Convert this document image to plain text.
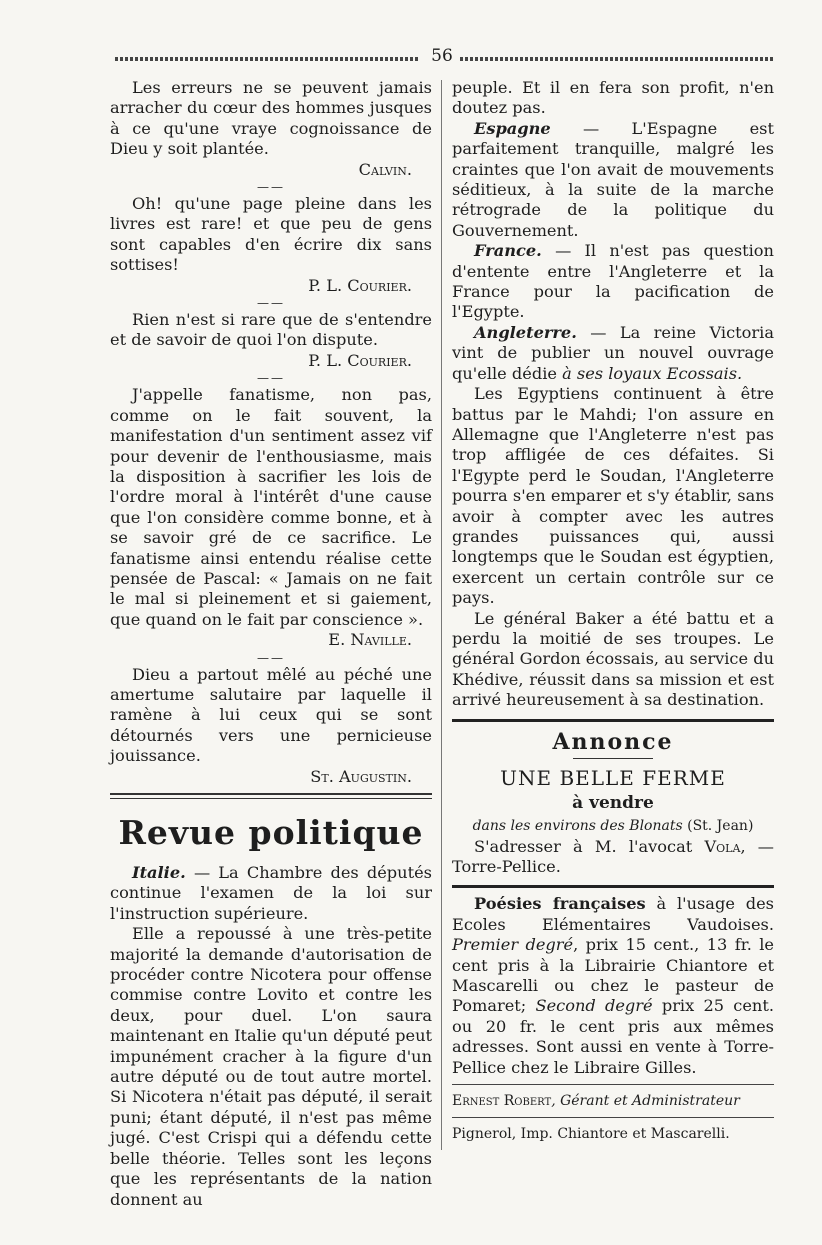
56

Les erreurs ne se peuvent jamais arracher du cœur des hommes jusques à ce qu'une vraye cognoissance de Dieu y soit plantée.

Calvin.

——

Oh! qu'une page pleine dans les livres est rare! et que peu de gens sont capables d'en écrire dix sans sottises!

P. L. Courier.

——

Rien n'est si rare que de s'entendre et de savoir de quoi l'on dispute.

P. L. Courier.

——

J'appelle fanatisme, non pas, comme on le fait souvent, la manifestation d'un sentiment assez vif pour devenir de l'enthousiasme, mais la disposition à sacrifier les lois de l'ordre moral à l'intérêt d'une cause que l'on considère comme bonne, et à se savoir gré de ce sacrifice. Le fanatisme ainsi entendu réalise cette pensée de Pascal: « Jamais on ne fait le mal si pleinement et si gaiement, que quand on le fait par conscience ».

E. Naville.

——

Dieu a partout mêlé au péché une amertume salutaire par laquelle il ramène à lui ceux qui se sont détournés vers une pernicieuse jouissance.

St. Augustin.

Revue politique

Italie. — La Chambre des députés continue l'examen de la loi sur l'instruction supérieure.

Elle a repoussé à une très-petite majorité la demande d'autorisation de procéder contre Nicotera pour offense commise contre Lovito et contre les deux, pour duel. L'on saura maintenant en Italie qu'un député peut impunément cracher à la figure d'un autre député ou de tout autre mortel. Si Nicotera n'était pas député, il serait puni; étant député, il n'est pas même jugé. C'est Crispi qui a défendu cette belle théorie. Telles sont les leçons que les représentants de la nation donnent au

peuple. Et il en fera son profit, n'en doutez pas.

Espagne — L'Espagne est parfaitement tranquille, malgré les craintes que l'on avait de mouvements séditieux, à la suite de la marche rétrograde de la politique du Gouvernement.

France. — Il n'est pas question d'entente entre l'Angleterre et la France pour la pacification de l'Egypte.

Angleterre. — La reine Victoria vint de publier un nouvel ouvrage qu'elle dédie à ses loyaux Ecossais.

Les Egyptiens continuent à être battus par le Mahdi; l'on assure en Allemagne que l'Angleterre n'est pas trop affligée de ces défaites. Si l'Egypte perd le Soudan, l'Angleterre pourra s'en emparer et s'y établir, sans avoir à compter avec les autres grandes puissances qui, aussi longtemps que le Soudan est égyptien, exercent un certain contrôle sur ce pays.

Le général Baker a été battu et a perdu la moitié de ses troupes. Le général Gordon écossais, au service du Khédive, réussit dans sa mission et est arrivé heureusement à sa destination.

Annonce
UNE BELLE FERME
à vendre
dans les environs des Blonats (St. Jean)

S'adresser à M. l'avocat Vola, — Torre-Pellice.

Poésies françaises à l'usage des Ecoles Elémentaires Vaudoises. Premier degré, prix 15 cent., 13 fr. le cent pris à la Librairie Chiantore et Mascarelli ou chez le pasteur de Pomaret; Second degré prix 25 cent. ou 20 fr. le cent pris aux mêmes adresses. Sont aussi en vente à Torre-Pellice chez le Libraire Gilles.

Ernest Robert, Gérant et Administrateur

Pignerol, Imp. Chiantore et Mascarelli.
